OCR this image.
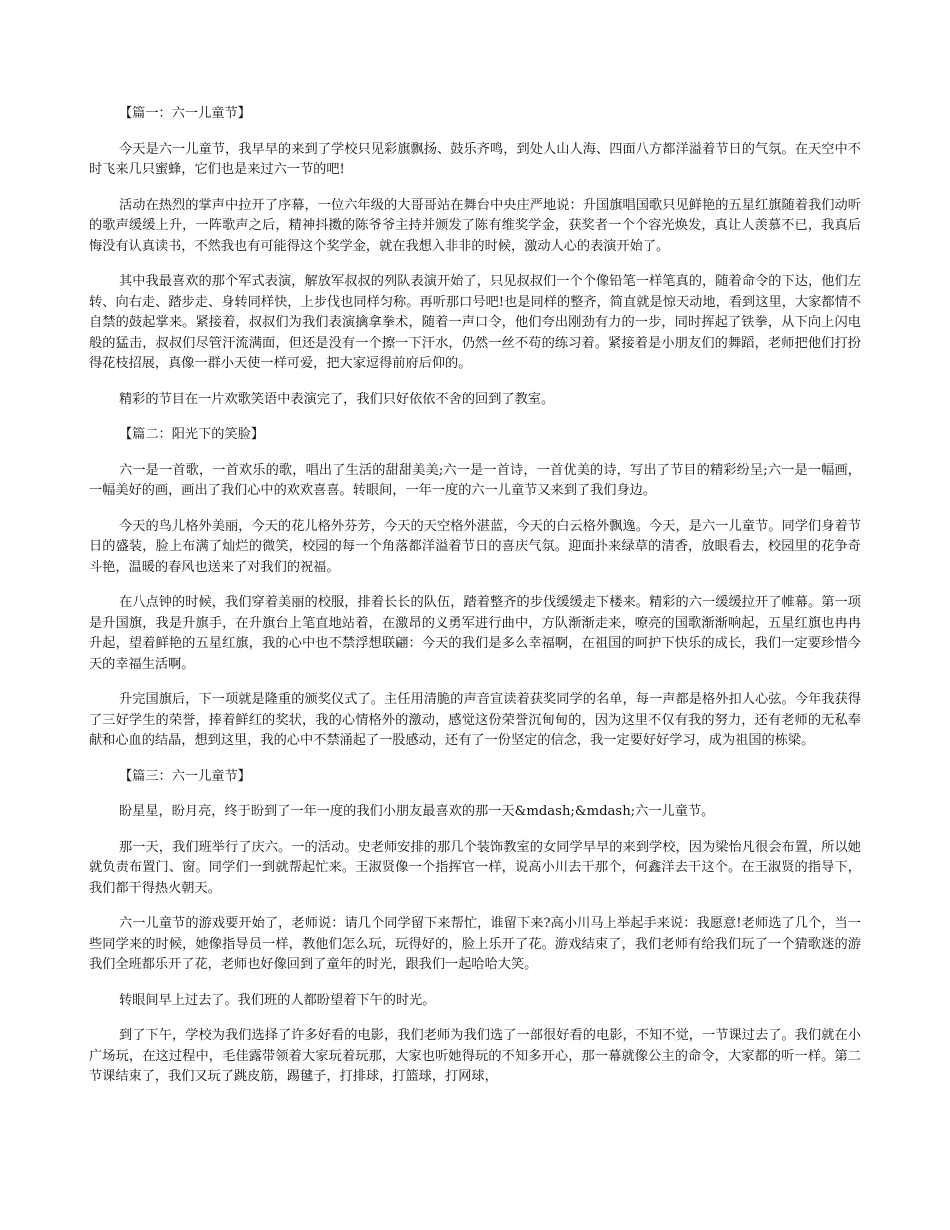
【篇一：六一儿童节】

今天是六一儿童节，我早早的来到了学校只见彩旗飘扬、鼓乐齐鸣，到处人山人海、四面八方都洋溢着节日的气氛。在天空中不时飞来几只蜜蜂，它们也是来过六一节的吧!

活动在热烈的掌声中拉开了序幕，一位六年级的大哥哥站在舞台中央庄严地说：升国旗唱国歌只见鲜艳的五星红旗随着我们动听的歌声缓缓上升，一阵歌声之后，精神抖擞的陈爷爷主持并颁发了陈有维奖学金，获奖者一个个容光焕发，真让人羡慕不已，我真后悔没有认真读书，不然我也有可能得这个奖学金，就在我想入非非的时候，激动人心的表演开始了。

其中我最喜欢的那个军式表演，解放军叔叔的列队表演开始了，只见叔叔们一个个像铅笔一样笔真的，随着命令的下达，他们左转、向右走、踏步走、身转同样快，上步伐也同样匀称。再听那口号吧!也是同样的整齐，简直就是惊天动地，看到这里，大家都情不自禁的鼓起掌来。紧接着，叔叔们为我们表演擒拿拳术，随着一声口令，他们夸出刚劲有力的一步，同时挥起了铁拳，从下向上闪电般的猛击，叔叔们尽管汗流满面，但还是没有一个擦一下汗水，仍然一丝不苟的练习着。紧接着是小朋友们的舞蹈，老师把他们打扮得花枝招展，真像一群小天使一样可爱，把大家逗得前府后仰的。

精彩的节目在一片欢歌笑语中表演完了，我们只好依依不舍的回到了教室。

【篇二：阳光下的笑脸】

六一是一首歌，一首欢乐的歌，唱出了生活的甜甜美美;六一是一首诗，一首优美的诗，写出了节目的精彩纷呈;六一是一幅画，一幅美好的画，画出了我们心中的欢欢喜喜。转眼间，一年一度的六一儿童节又来到了我们身边。

今天的鸟儿格外美丽，今天的花儿格外芬芳，今天的天空格外湛蓝，今天的白云格外飘逸。今天，是六一儿童节。同学们身着节日的盛装，脸上布满了灿烂的微笑，校园的每一个角落都洋溢着节日的喜庆气氛。迎面扑来绿草的清香，放眼看去，校园里的花争奇斗艳，温暖的春风也送来了对我们的祝福。

在八点钟的时候，我们穿着美丽的校服，排着长长的队伍，踏着整齐的步伐缓缓走下楼来。精彩的六一缓缓拉开了帷幕。第一项是升国旗，我是升旗手，在升旗台上笔直地站着，在激昂的义勇军进行曲中，方队渐渐走来，嘹亮的国歌渐渐响起，五星红旗也冉冉升起，望着鲜艳的五星红旗，我的心中也不禁浮想联翩：今天的我们是多么幸福啊，在祖国的呵护下快乐的成长，我们一定要珍惜今天的幸福生活啊。

升完国旗后，下一项就是隆重的颁奖仪式了。主任用清脆的声音宣读着获奖同学的名单，每一声都是格外扣人心弦。今年我获得了三好学生的荣誉，捧着鲜红的奖状，我的心情格外的激动，感觉这份荣誉沉甸甸的，因为这里不仅有我的努力，还有老师的无私奉献和心血的结晶，想到这里，我的心中不禁涌起了一股感动，还有了一份坚定的信念，我一定要好好学习，成为祖国的栋梁。

【篇三：六一儿童节】

盼星星，盼月亮，终于盼到了一年一度的我们小朋友最喜欢的那一天&mdash;&mdash;六一儿童节。

那一天，我们班举行了庆六。一的活动。史老师安排的那几个装饰教室的女同学早早的来到学校，因为梁怡凡很会布置，所以她就负责布置门、窗。同学们一到就帮起忙来。王淑贤像一个指挥官一样，说高小川去干那个，何鑫洋去干这个。在王淑贤的指导下，我们都干得热火朝天。

六一儿童节的游戏要开始了，老师说：请几个同学留下来帮忙，谁留下来?高小川马上举起手来说：我愿意!老师选了几个，当一些同学来的时候，她像指导员一样，教他们怎么玩，玩得好的，脸上乐开了花。游戏结束了，我们老师有给我们玩了一个猜歌迷的游我们全班都乐开了花，老师也好像回到了童年的时光，跟我们一起哈哈大笑。

转眼间早上过去了。我们班的人都盼望着下午的时光。

到了下午，学校为我们选择了许多好看的电影，我们老师为我们选了一部很好看的电影，不知不觉，一节课过去了。我们就在小广场玩，在这过程中，毛佳露带领着大家玩着玩那，大家也听她得玩的不知多开心，那一幕就像公主的命令，大家都的听一样。第二节课结束了，我们又玩了跳皮筋，踢毽子，打排球，打篮球，打网球，
